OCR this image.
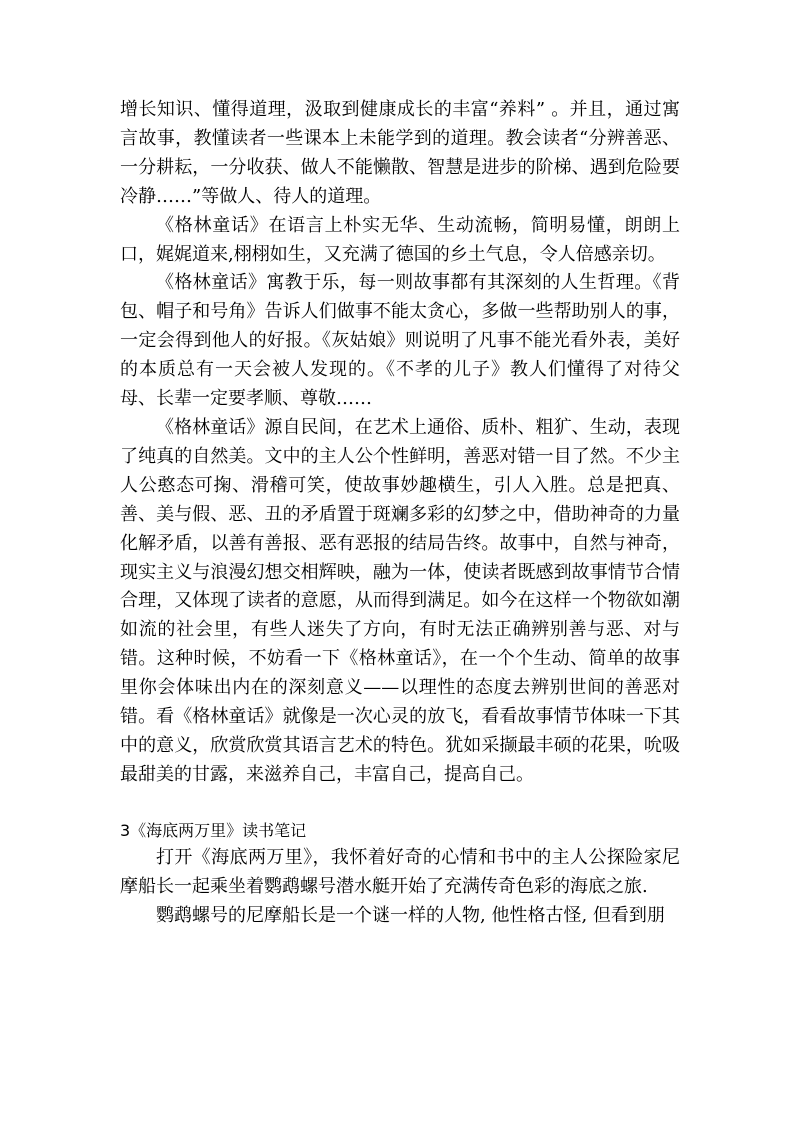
增长知识、懂得道理，汲取到健康成长的丰富“养料” 。并且，通过寓言故事，教懂读者一些课本上未能学到的道理。教会读者“分辨善恶、一分耕耘，一分收获、做人不能懒散、智慧是进步的阶梯、遇到危险要冷静……”等做人、待人的道理。

《格林童话》在语言上朴实无华、生动流畅，简明易懂，朗朗上口，娓娓道来,栩栩如生，又充满了德国的乡土气息，令人倍感亲切。

《格林童话》寓教于乐，每一则故事都有其深刻的人生哲理。《背包、帽子和号角》告诉人们做事不能太贪心，多做一些帮助别人的事，一定会得到他人的好报。《灰姑娘》则说明了凡事不能光看外表，美好的本质总有一天会被人发现的。《不孝的儿子》教人们懂得了对待父母、长辈一定要孝顺、尊敬……

《格林童话》源自民间，在艺术上通俗、质朴、粗犷、生动，表现了纯真的自然美。文中的主人公个性鲜明，善恶对错一目了然。不少主人公憨态可掬、滑稽可笑，使故事妙趣横生，引人入胜。总是把真、善、美与假、恶、丑的矛盾置于斑斓多彩的幻梦之中，借助神奇的力量化解矛盾，以善有善报、恶有恶报的结局告终。故事中，自然与神奇，现实主义与浪漫幻想交相辉映，融为一体，使读者既感到故事情节合情合理，又体现了读者的意愿，从而得到满足。如今在这样一个物欲如潮如流的社会里，有些人迷失了方向，有时无法正确辨别善与恶、对与错。这种时候，不妨看一下《格林童话》，在一个个生动、简单的故事里你会体味出内在的深刻意义——以理性的态度去辨别世间的善恶对错。看《格林童话》就像是一次心灵的放飞，看看故事情节体味一下其中的意义，欣赏欣赏其语言艺术的特色。犹如采撷最丰硕的花果，吮吸最甜美的甘露，来滋养自己，丰富自己，提高自己。

3《海底两万里》读书笔记

打开《海底两万里》，我怀着好奇的心情和书中的主人公探险家尼摩船长一起乘坐着鹦鹉螺号潜水艇开始了充满传奇色彩的海底之旅.

鹦鹉螺号的尼摩船长是一个谜一样的人物, 他性格古怪, 但看到朋
